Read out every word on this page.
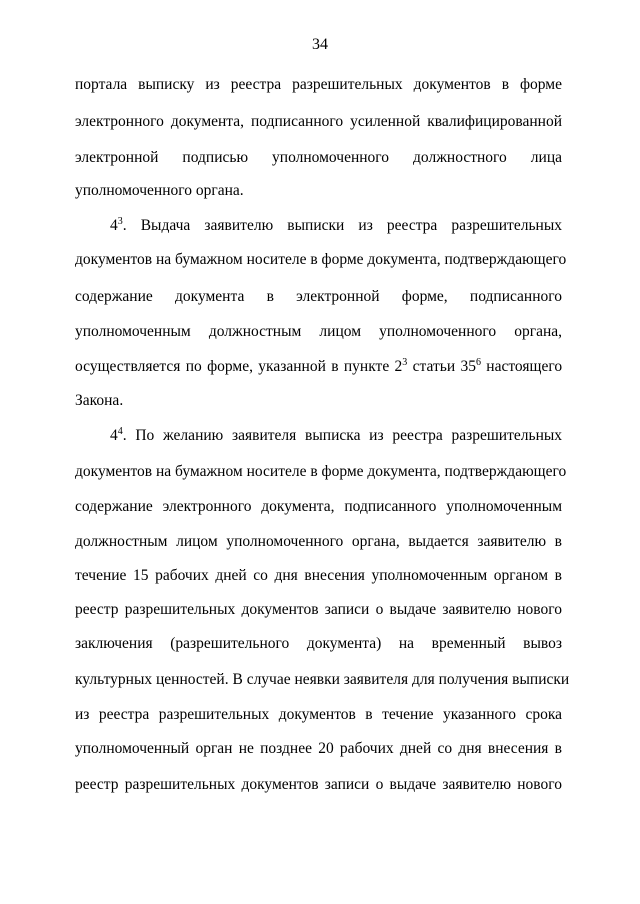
34
портала выписку из реестра разрешительных документов в форме
электронного документа, подписанного усиленной квалифицированной
электронной подписью уполномоченного должностного лица
уполномоченного органа.
$4^3$. Выдача заявителю выписки из реестра разрешительных
документов на бумажном носителе в форме документа, подтверждающего
содержание документа в электронной форме, подписанного
уполномоченным должностным лицом уполномоченного органа,
осуществляется по форме, указанной в пункте $2^3$ статьи $35^6$ настоящего
Закона.
$4^4$. По желанию заявителя выписка из реестра разрешительных
документов на бумажном носителе в форме документа, подтверждающего
содержание электронного документа, подписанного уполномоченным
должностным лицом уполномоченного органа, выдается заявителю в
течение 15 рабочих дней со дня внесения уполномоченным органом в
реестр разрешительных документов записи о выдаче заявителю нового
заключения (разрешительного документа) на временный вывоз
культурных ценностей. В случае неявки заявителя для получения выписки
из реестра разрешительных документов в течение указанного срока
уполномоченный орган не позднее 20 рабочих дней со дня внесения в
реестр разрешительных документов записи о выдаче заявителю нового
